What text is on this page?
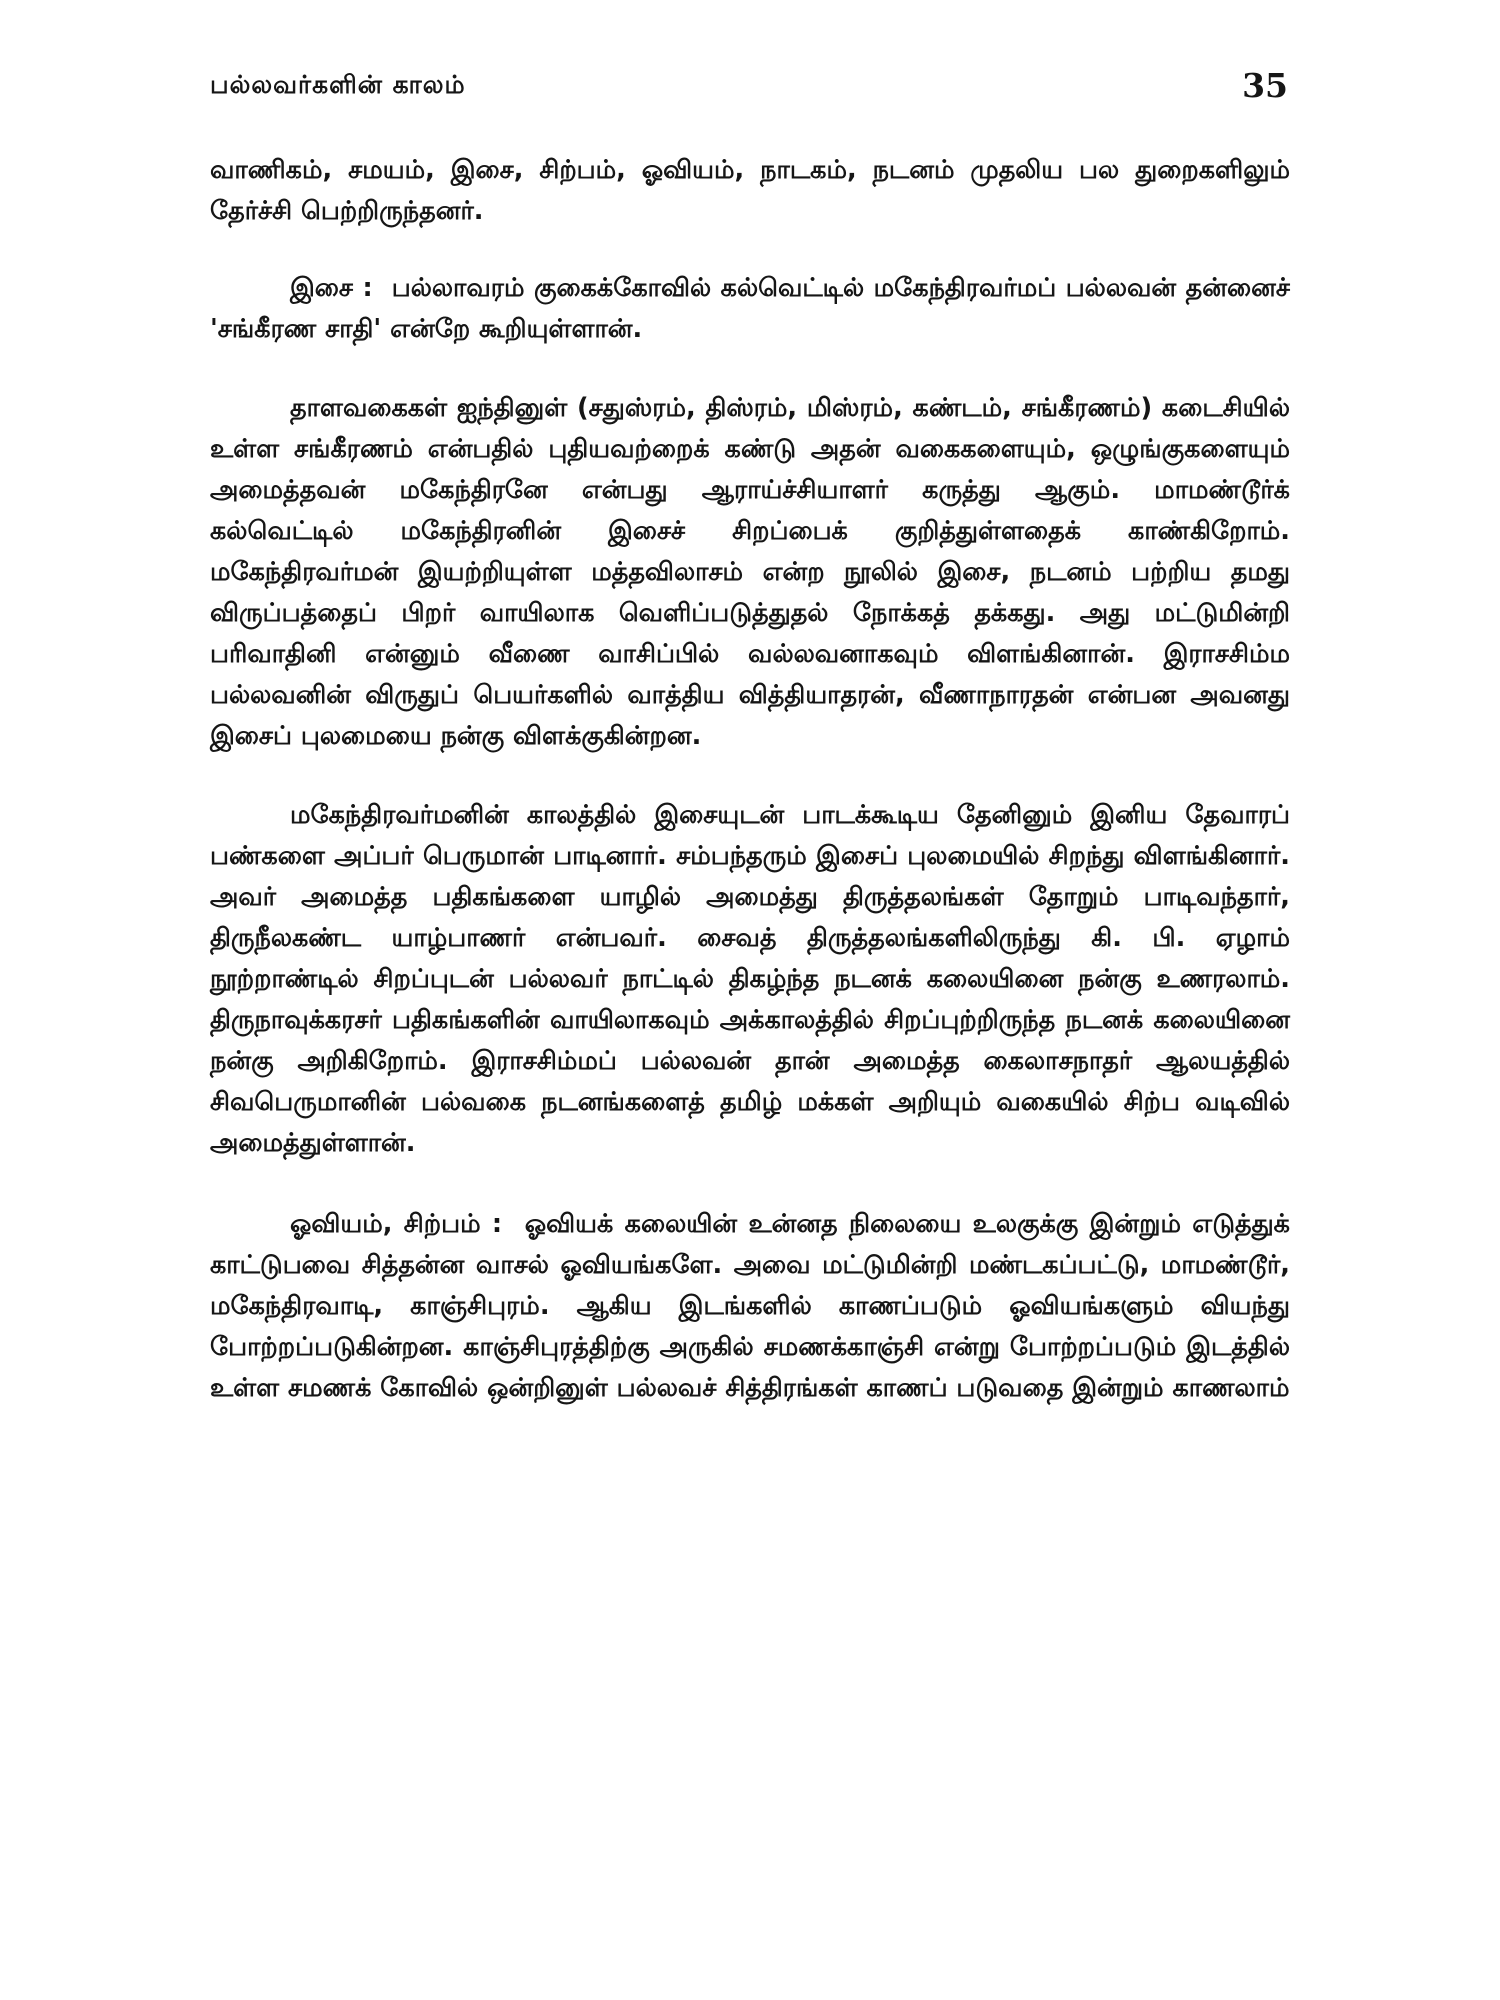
பல்லவர்களின் காலம்	35

வாணிகம், சமயம், இசை, சிற்பம், ஓவியம், நாடகம், நடனம் முதலிய பல துறைகளிலும் தேர்ச்சி பெற்றிருந்தனர்.

இசை : பல்லாவரம் குகைக்கோவில் கல்வெட்டில் மகேந்திரவர்மப் பல்லவன் தன்னைச் 'சங்கீரண சாதி' என்றே கூறியுள்ளான்.

தாளவகைகள் ஐந்தினுள் (சதுஸ்ரம், திஸ்ரம், மிஸ்ரம், கண்டம், சங்கீரணம்) கடைசியில் உள்ள சங்கீரணம் என்பதில் புதியவற்றைக் கண்டு அதன் வகைகளையும், ஒழுங்குகளையும் அமைத்தவன் மகேந்திரனே என்பது ஆராய்ச்சியாளர் கருத்து ஆகும். மாமண்டூர்க் கல்வெட்டில் மகேந்திரனின் இசைச் சிறப்பைக் குறித்துள்ளதைக் காண்கிறோம். மகேந்திரவர்மன் இயற்றியுள்ள மத்தவிலாசம் என்ற நூலில் இசை, நடனம் பற்றிய தமது விருப்பத்தைப் பிறர் வாயிலாக வெளிப்படுத்துதல் நோக்கத் தக்கது. அது மட்டுமின்றி பரிவாதினி என்னும் வீணை வாசிப்பில் வல்லவனாகவும் விளங்கினான். இராசசிம்ம பல்லவனின் விருதுப் பெயர்களில் வாத்திய வித்தியாதரன், வீணாநாரதன் என்பன அவனது இசைப் புலமையை நன்கு விளக்குகின்றன.

மகேந்திரவர்மனின் காலத்தில் இசையுடன் பாடக்கூடிய தேனினும் இனிய தேவாரப் பண்களை அப்பர் பெருமான் பாடினார். சம்பந்தரும் இசைப் புலமையில் சிறந்து விளங்கினார். அவர் அமைத்த பதிகங்களை யாழில் அமைத்து திருத்தலங்கள் தோறும் பாடிவந்தார், திருநீலகண்ட யாழ்பாணர் என்பவர். சைவத் திருத்தலங்களிலிருந்து கி. பி. ஏழாம் நூற்றாண்டில் சிறப்புடன் பல்லவர் நாட்டில் திகழ்ந்த நடனக் கலையினை நன்கு உணரலாம். திருநாவுக்கரசர் பதிகங்களின் வாயிலாகவும் அக்காலத்தில் சிறப்புற்றிருந்த நடனக் கலையினை நன்கு அறிகிறோம். இராசசிம்மப் பல்லவன் தான் அமைத்த கைலாசநாதர் ஆலயத்தில் சிவபெருமானின் பல்வகை நடனங்களைத் தமிழ் மக்கள் அறியும் வகையில் சிற்ப வடிவில் அமைத்துள்ளான்.

ஓவியம், சிற்பம் : ஓவியக் கலையின் உன்னத நிலையை உலகுக்கு இன்றும் எடுத்துக் காட்டுபவை சித்தன்ன வாசல் ஓவியங்களே. அவை மட்டுமின்றி மண்டகப்பட்டு, மாமண்டூர், மகேந்திரவாடி, காஞ்சிபுரம். ஆகிய இடங்களில் காணப்படும் ஓவியங்களும் வியந்து போற்றப்படுகின்றன. காஞ்சிபுரத்திற்கு அருகில் சமணக்காஞ்சி என்று போற்றப்படும் இடத்தில் உள்ள சமணக் கோவில் ஒன்றினுள் பல்லவச் சித்திரங்கள் காணப் படுவதை இன்றும் காணலாம்
